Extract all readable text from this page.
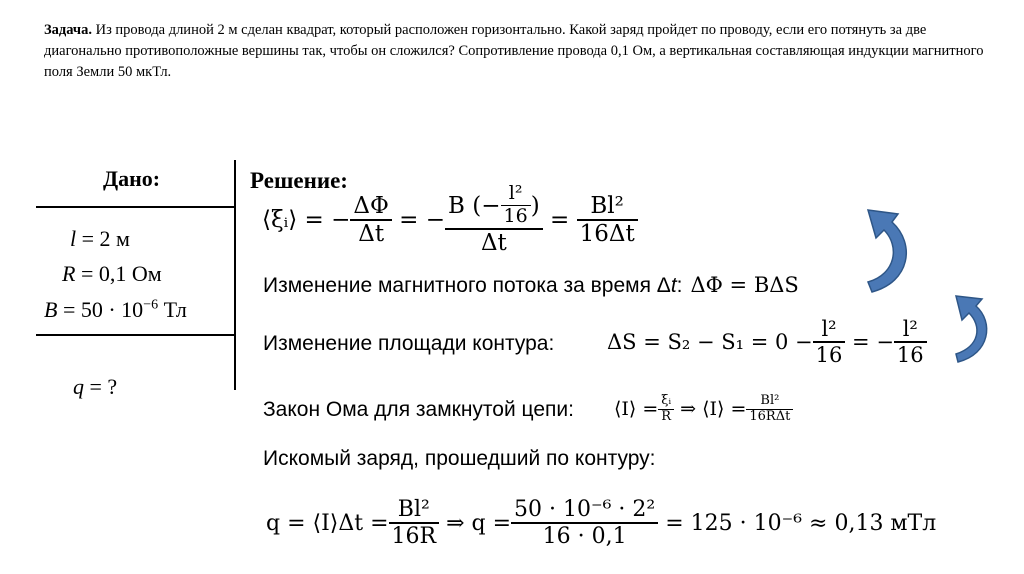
Задача. Из провода длиной 2 м сделан квадрат, который расположен горизонтально. Какой заряд пройдет по проводу, если его потянуть за две диагонально противоположные вершины так, чтобы он сложился? Сопротивление провода 0,1 Ом, а вертикальная составляющая индукции магнитного поля Земли 50 мкТл.
Дано:
l = 2 м
R = 0,1 Ом
$B = 50 \cdot 10^{-6}$ Тл
q = ?
Решение:
⟨ξᵢ⟩ = − $\frac{\Delta\Phi}{\Delta t}$ = − $\frac{B (- \frac{\text{l²}}{16} )}{\Delta t} = \frac{\text{Bl²}}{16\Delta t}$
Изменение магнитного потока за время Δt: ΔΦ = BΔS
Изменение площади контура:	$\Delta S = S_2 - S_1 = 0 - \frac{\text{l²}}{16}$ = − $\frac{\text{l²}}{16}$
Закон Ома для замкнутой цепи: ⟨I⟩ = $\frac{\text{ξᵢ}}{R}$ ⇒ ⟨I⟩ = $\frac{\text{Bl²}}{\text{16RΔt}}$
Искомый заряд, прошедший по контуру:
q = ⟨I⟩Δt = $\frac{\text{Bl²}}{16R}$ ⇒ $q = \frac{\text{50 · 10⁻⁶ · 2²}}{16 \cdot 0,1} = 125 \cdot 10^{-6} \approx 0,13$ мТл
